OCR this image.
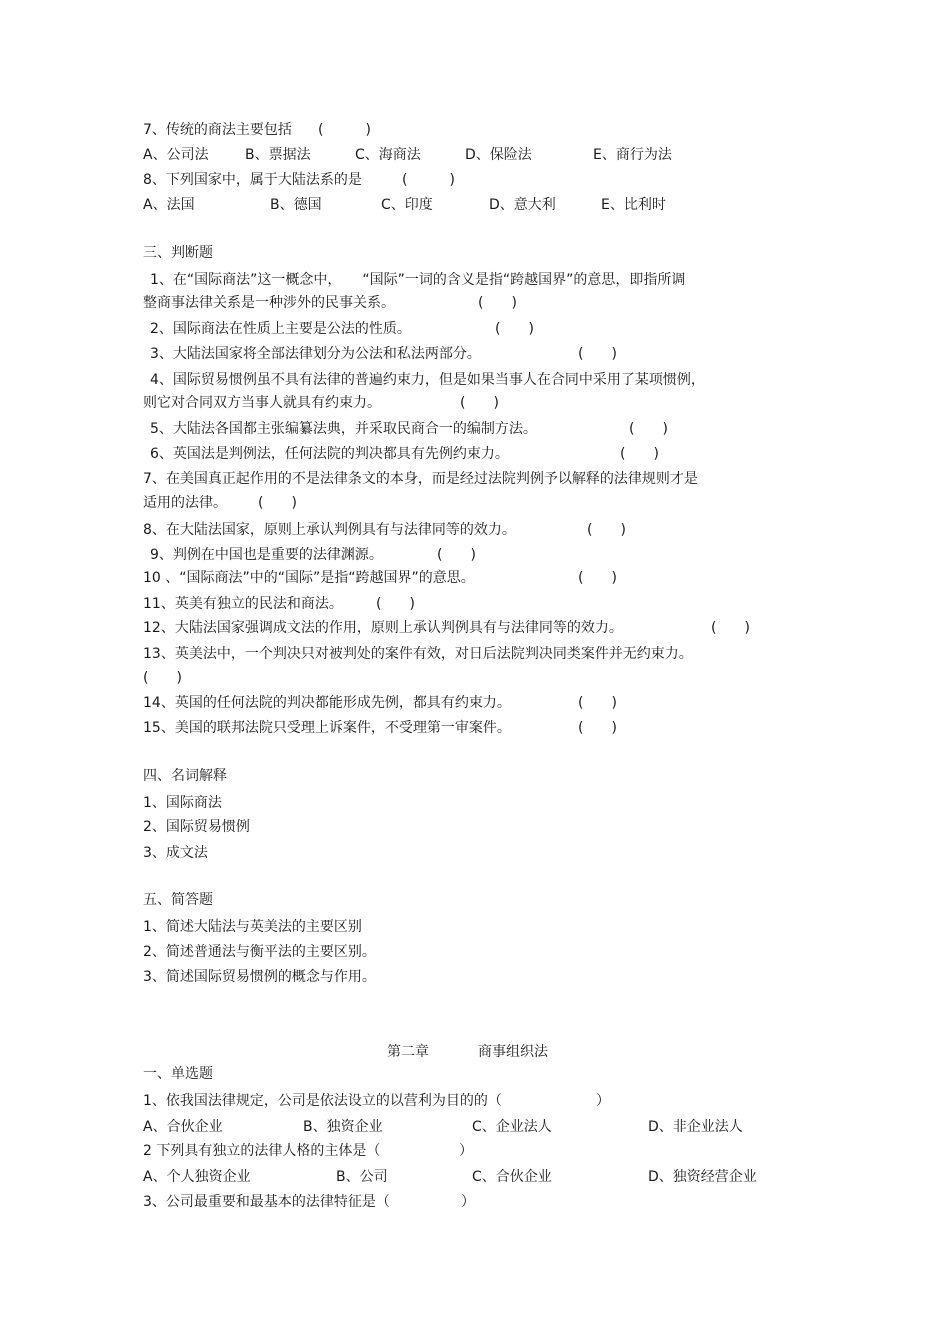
7、传统的商法主要包括 (　　　)
A、公司法	B、票据法	C、海商法	D、保险法	E、商行为法
8、下列国家中，属于大陆法系的是	(　　　)
A、法国	B、德国	C、印度	D、意大利	E、比利时
三、判断题
1、在“国际商法”这一概念中，　　“国际”一词的含义是指“跨越国界”的意思，即指所调
整商事法律关系是一种涉外的民事关系。	(　　)
2、国际商法在性质上主要是公法的性质。	(　　)
3、大陆法国家将全部法律划分为公法和私法两部分。	(　　)
4、国际贸易惯例虽不具有法律的普遍约束力，但是如果当事人在合同中采用了某项惯例，
则它对合同双方当事人就具有约束力。	(　　)
5、大陆法各国都主张编纂法典，并采取民商合一的编制方法。	(　　)
6、英国法是判例法，任何法院的判决都具有先例约束力。	(　　)
7、在美国真正起作用的不是法律条文的本身，而是经过法院判例予以解释的法律规则才是
适用的法律。 (　　)
8、在大陆法国家，原则上承认判例具有与法律同等的效力。	(　　)
9、判例在中国也是重要的法律渊源。	(　　)
10 、“国际商法”中的“国际”是指“跨越国界”的意思。	(　　)
11、英美有独立的民法和商法。 (　　)
12、大陆法国家强调成文法的作用，原则上承认判例具有与法律同等的效力。	(　　)
13、英美法中，一个判决只对被判处的案件有效，对日后法院判决同类案件并无约束力。
(　　)
14、英国的任何法院的判决都能形成先例，都具有约束力。	(　　)
15、美国的联邦法院只受理上诉案件，不受理第一审案件。	(　　)
四、名词解释
1、国际商法
2、国际贸易惯例
3、成文法
五、简答题
1、简述大陆法与英美法的主要区别
2、简述普通法与衡平法的主要区别。
3、简述国际贸易惯例的概念与作用。
第二章	商事组织法
一、单选题
1、依我国法律规定，公司是依法设立的以营利为目的的（	）
A、合伙企业	B、独资企业	C、企业法人	D、非企业法人
2 下列具有独立的法律人格的主体是（	）
A、个人独资企业	B、公司	C、合伙企业	D、独资经营企业
3、公司最重要和最基本的法律特征是（	）
